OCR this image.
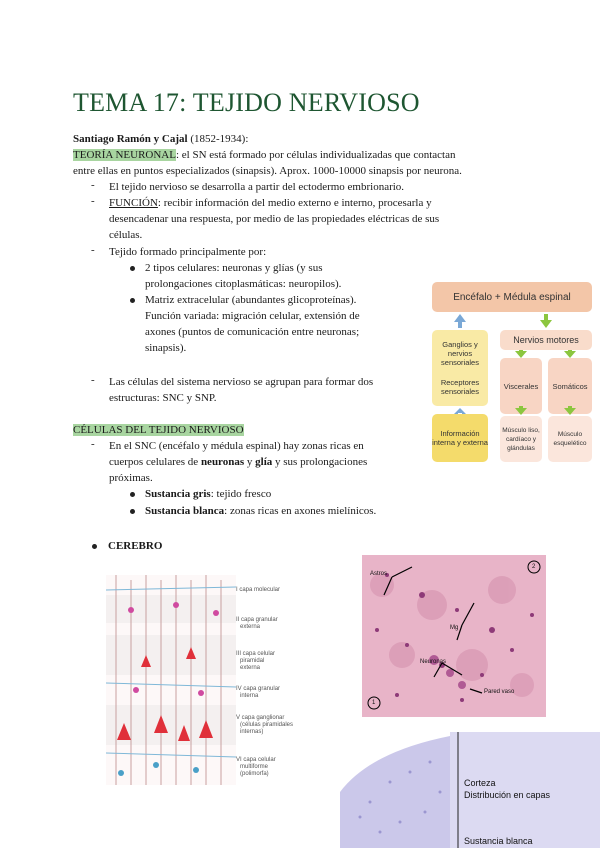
TEMA 17: TEJIDO NERVIOSO
Santiago Ramón y Cajal (1852-1934):
TEORÍA NEURONAL: el SN está formado por células individualizadas que contactan
entre ellas en puntos especializados (sinapsis). Aprox. 1000-10000 sinapsis por neurona.
- El tejido nervioso se desarrolla a partir del ectodermo embrionario.
- FUNCIÓN: recibir información del medio externo e interno, procesarla y
desencadenar una respuesta, por medio de las propiedades eléctricas de sus
células.
- Tejido formado principalmente por:
2 tipos celulares: neuronas y glías (y sus
prolongaciones citoplasmáticas: neuropilos).
Matriz extracelular (abundantes glicoproteínas).
Función variada: migración celular, extensión de
axones (puntos de comunicación entre neuronas;
sinapsis).
- Las células del sistema nervioso se agrupan para formar dos
estructuras: SNC y SNP.
CÉLULAS DEL TEJIDO NERVIOSO
- En el SNC (encéfalo y médula espinal) hay zonas ricas en
cuerpos celulares de neuronas y glía y sus prolongaciones
próximas.
Sustancia gris: tejido fresco
Sustancia blanca: zonas ricas en axones mielínicos.
CEREBRO
Encéfalo + Médula espinal
Ganglios y nervios sensoriales
Receptores sensoriales
Información interna y externa
Nervios motores
Viscerales	Somáticos
Músculo liso, cardíaco y glándulas
Músculo esquelético
I capa molecular
II capa granular
externa
III capa celular
piramidal
externa
IV capa granular
interna
V capa ganglionar
(células piramidales
internas)
VI capa celular
multiforme
(polimorfa)
Astros
Mg
Neuronas
Pared vaso
1
2
Corteza
Distribución en capas
Sustancia blanca
